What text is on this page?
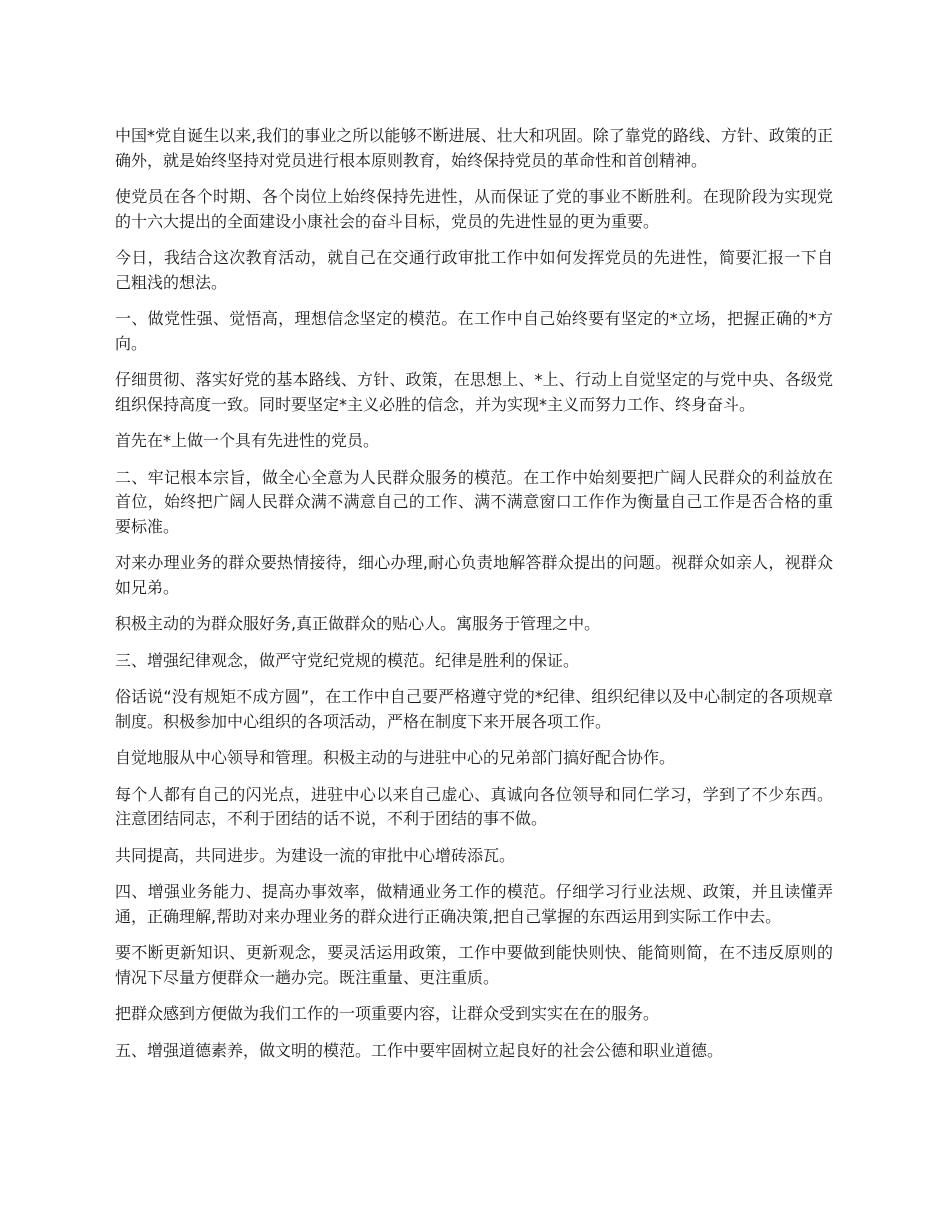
中国*党自诞生以来,我们的事业之所以能够不断进展、壮大和巩固。除了靠党的路线、方针、政策的正确外，就是始终坚持对党员进行根本原则教育，始终保持党员的革命性和首创精神。

使党员在各个时期、各个岗位上始终保持先进性，从而保证了党的事业不断胜利。在现阶段为实现党的十六大提出的全面建设小康社会的奋斗目标，党员的先进性显的更为重要。

今日，我结合这次教育活动，就自己在交通行政审批工作中如何发挥党员的先进性，简要汇报一下自己粗浅的想法。

一、做党性强、觉悟高，理想信念坚定的模范。在工作中自己始终要有坚定的*立场，把握正确的*方向。

仔细贯彻、落实好党的基本路线、方针、政策，在思想上、*上、行动上自觉坚定的与党中央、各级党组织保持高度一致。同时要坚定*主义必胜的信念，并为实现*主义而努力工作、终身奋斗。

首先在*上做一个具有先进性的党员。

二、牢记根本宗旨，做全心全意为人民群众服务的模范。在工作中始刻要把广阔人民群众的利益放在首位，始终把广阔人民群众满不满意自己的工作、满不满意窗口工作作为衡量自己工作是否合格的重要标准。

对来办理业务的群众要热情接待，细心办理,耐心负责地解答群众提出的问题。视群众如亲人，视群众如兄弟。

积极主动的为群众服好务,真正做群众的贴心人。寓服务于管理之中。

三、增强纪律观念，做严守党纪党规的模范。纪律是胜利的保证。

俗话说“没有规矩不成方圆”，在工作中自己要严格遵守党的*纪律、组织纪律以及中心制定的各项规章制度。积极参加中心组织的各项活动，严格在制度下来开展各项工作。

自觉地服从中心领导和管理。积极主动的与进驻中心的兄弟部门搞好配合协作。

每个人都有自己的闪光点，进驻中心以来自己虚心、真诚向各位领导和同仁学习，学到了不少东西。注意团结同志，不利于团结的话不说，不利于团结的事不做。

共同提高，共同进步。为建设一流的审批中心增砖添瓦。

四、增强业务能力、提高办事效率，做精通业务工作的模范。仔细学习行业法规、政策，并且读懂弄通，正确理解,帮助对来办理业务的群众进行正确决策,把自己掌握的东西运用到实际工作中去。

要不断更新知识、更新观念，要灵活运用政策，工作中要做到能快则快、能简则简，在不违反原则的情况下尽量方便群众一趟办完。既注重量、更注重质。

把群众感到方便做为我们工作的一项重要内容，让群众受到实实在在的服务。

五、增强道德素养，做文明的模范。工作中要牢固树立起良好的社会公德和职业道德。
